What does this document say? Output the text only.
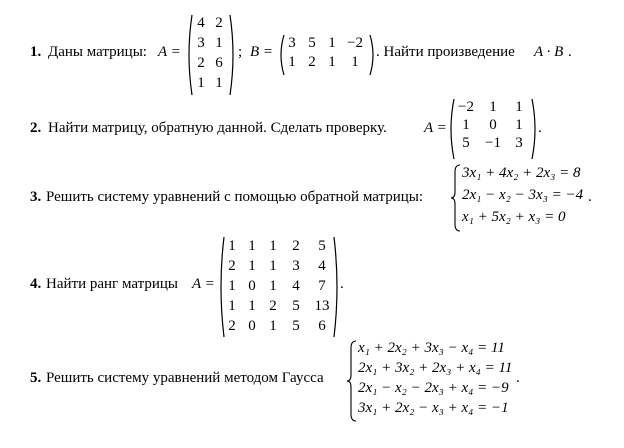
1. Даны матрицы: A =
4 2
3 1
2 6
1 1
; B =
3 5 1 −2
1 2 1	1
. Найти произведение A · B .
2. Найти матрицу, обратную данной. Сделать проверку. A =
−2	1	1
1	0	1
5	−1 3
.
3. Решить систему уравнений с помощью обратной матрицы:
3x₁ + 4x₂ + 2x₃ = 8
2x₁ − x₂ − 3x₃ = −4
x₁ + 5x₂ + x₃ = 0
.
4. Найти ранг матрицы A =
1 1 1	2	5
2 1 1	3	4
1 0 1	4	7
1 1 2	5 13
2 0 1	5	6
.
5. Решить систему уравнений методом Гаусса
x₁ + 2x₂ + 3x₃ − x₄ = 11
2x₁ + 3x₂ + 2x₃ + x₄ = 11
2x₁ − x₂ − 2x₃ + x₄ = −9
3x₁ + 2x₂ − x₃ + x₄ = −1
.
